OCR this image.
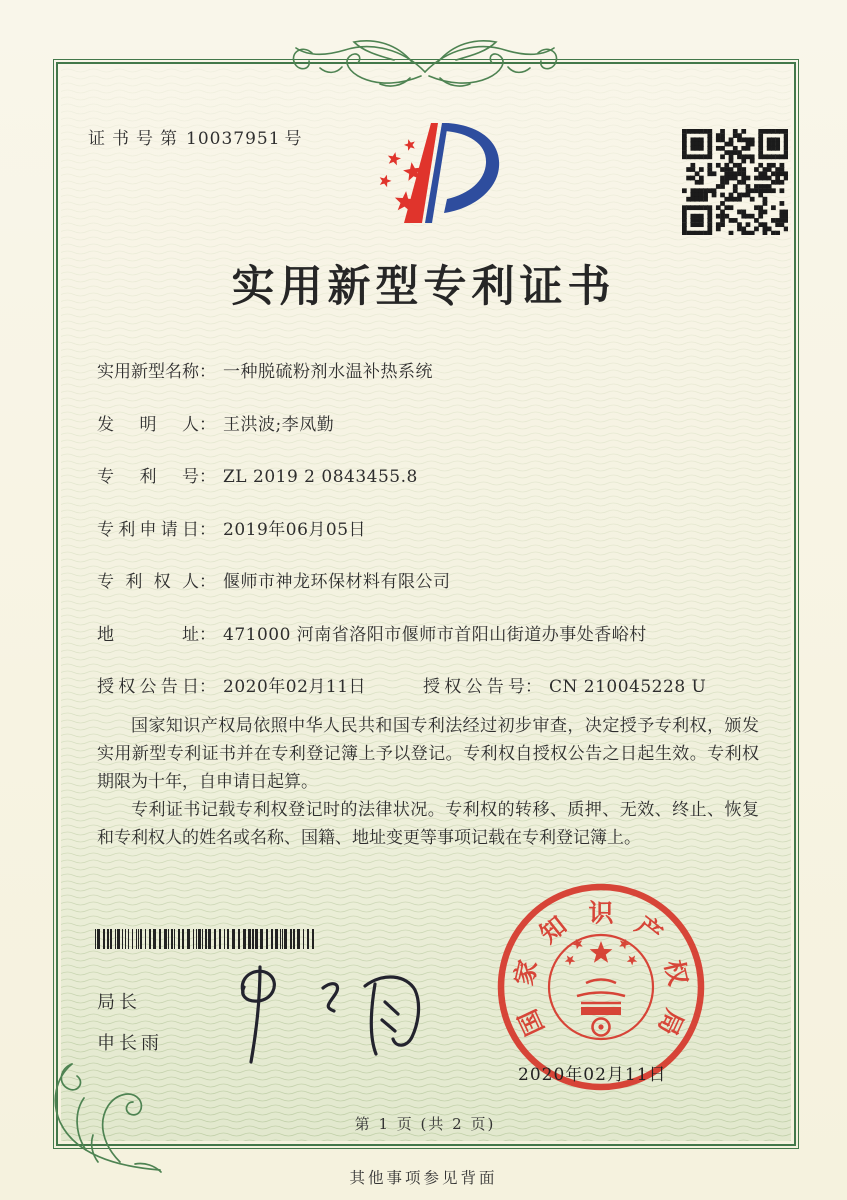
证书号第 10037951 号
实用新型专利证书
实用新型名称： 一种脱硫粉剂水温补热系统
发明人： 王洪波;李凤勤
专利号： ZL 2019 2 0843455.8
专利申请日： 2019年06月05日
专利权人： 偃师市神龙环保材料有限公司
地址： 471000 河南省洛阳市偃师市首阳山街道办事处香峪村
授权公告日： 2020年02月11日	授权公告号： CN 210045228 U

国家知识产权局依照中华人民共和国专利法经过初步审查，决定授予专利权，颁发实用新型专利证书并在专利登记簿上予以登记。专利权自授权公告之日起生效。专利权期限为十年，自申请日起算。

专利证书记载专利权登记时的法律状况。专利权的转移、质押、无效、终止、恢复和专利权人的姓名或名称、国籍、地址变更等事项记载在专利登记簿上。

局长
申长雨
国
家
知 识 产
权
局
2020年02月11日
第 1 页 (共 2 页)
其他事项参见背面
